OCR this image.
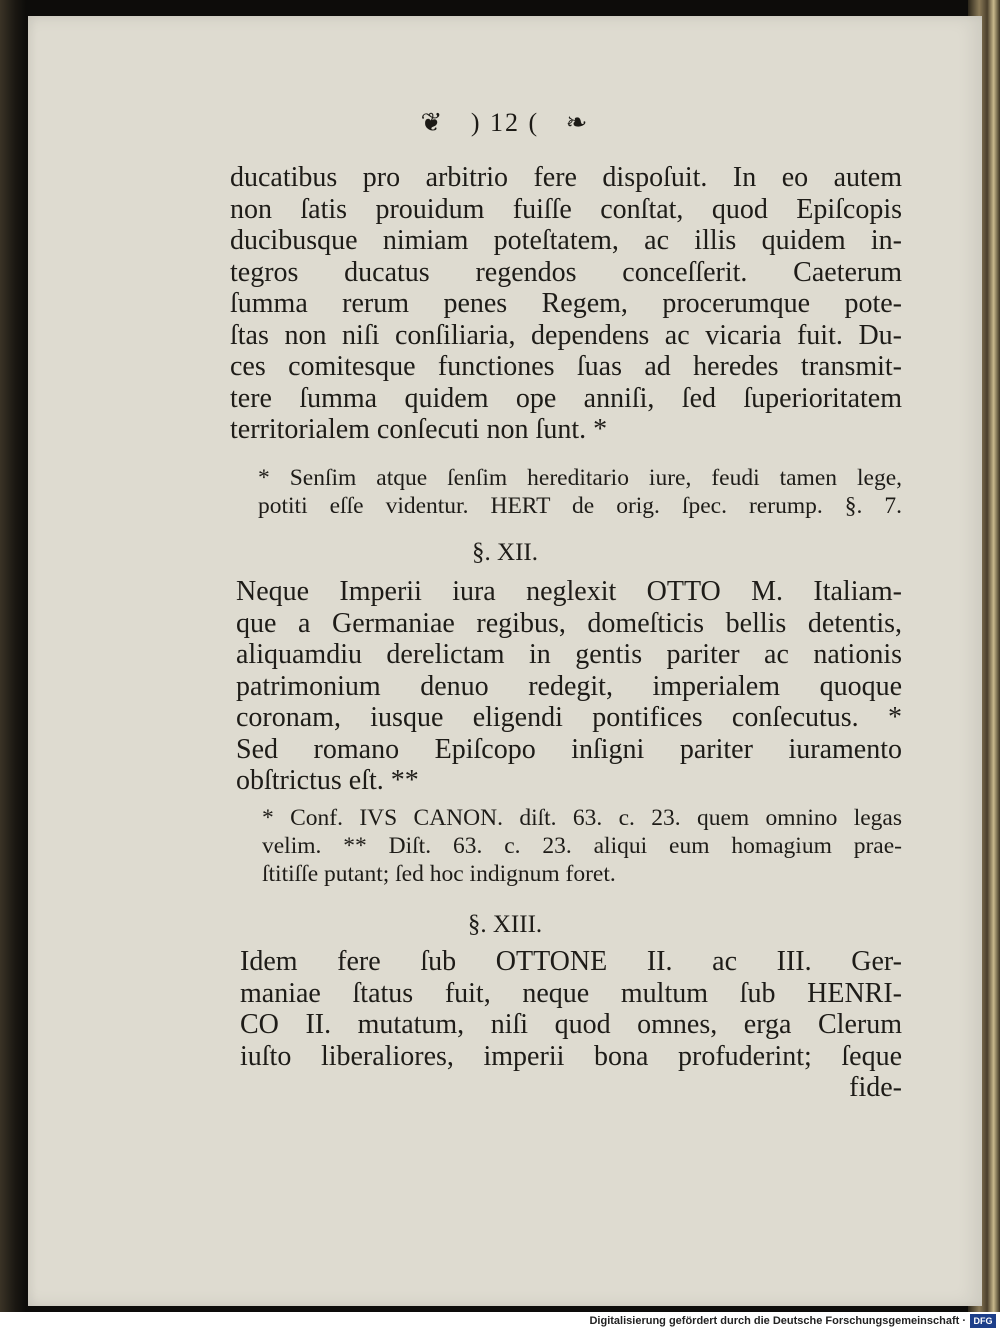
❦ ) 12 ( ❧
ducatibus pro arbitrio fere dispoſuit. In eo autem
non ſatis prouidum fuiſſe conſtat, quod Epiſcopis
ducibusque nimiam poteſtatem, ac illis quidem in-
tegros ducatus regendos conceſſerit. Caeterum
ſumma rerum penes Regem, procerumque pote-
ſtas non niſi conſiliaria, dependens ac vicaria fuit. Du-
ces comitesque functiones ſuas ad heredes transmit-
tere ſumma quidem ope anniſi, ſed ſuperioritatem
territorialem conſecuti non ſunt. *
* Senſim atque ſenſim hereditario iure, feudi tamen lege,
potiti eſſe videntur. HERT de orig. ſpec. rerump. §. 7.
§. XII.
Neque Imperii iura neglexit OTTO M. Italiam-
que a Germaniae regibus, domeſticis bellis detentis,
aliquamdiu derelictam in gentis pariter ac nationis
patrimonium denuo redegit, imperialem quoque
coronam, iusque eligendi pontifices conſecutus. *
Sed romano Epiſcopo inſigni pariter iuramento
obſtrictus eſt. **
* Conf. IVS CANON. diſt. 63. c. 23. quem omnino legas
velim. ** Diſt. 63. c. 23. aliqui eum homagium prae-
ſtitiſſe putant; ſed hoc indignum foret.
§. XIII.
Idem fere ſub OTTONE II. ac III. Ger-
maniae ſtatus fuit, neque multum ſub HENRI-
CO II. mutatum, niſi quod omnes, erga Clerum
iuſto liberaliores, imperii bona profuderint; ſeque
fide-
Digitalisierung gefördert durch die Deutsche Forschungsgemeinschaft · DFG
